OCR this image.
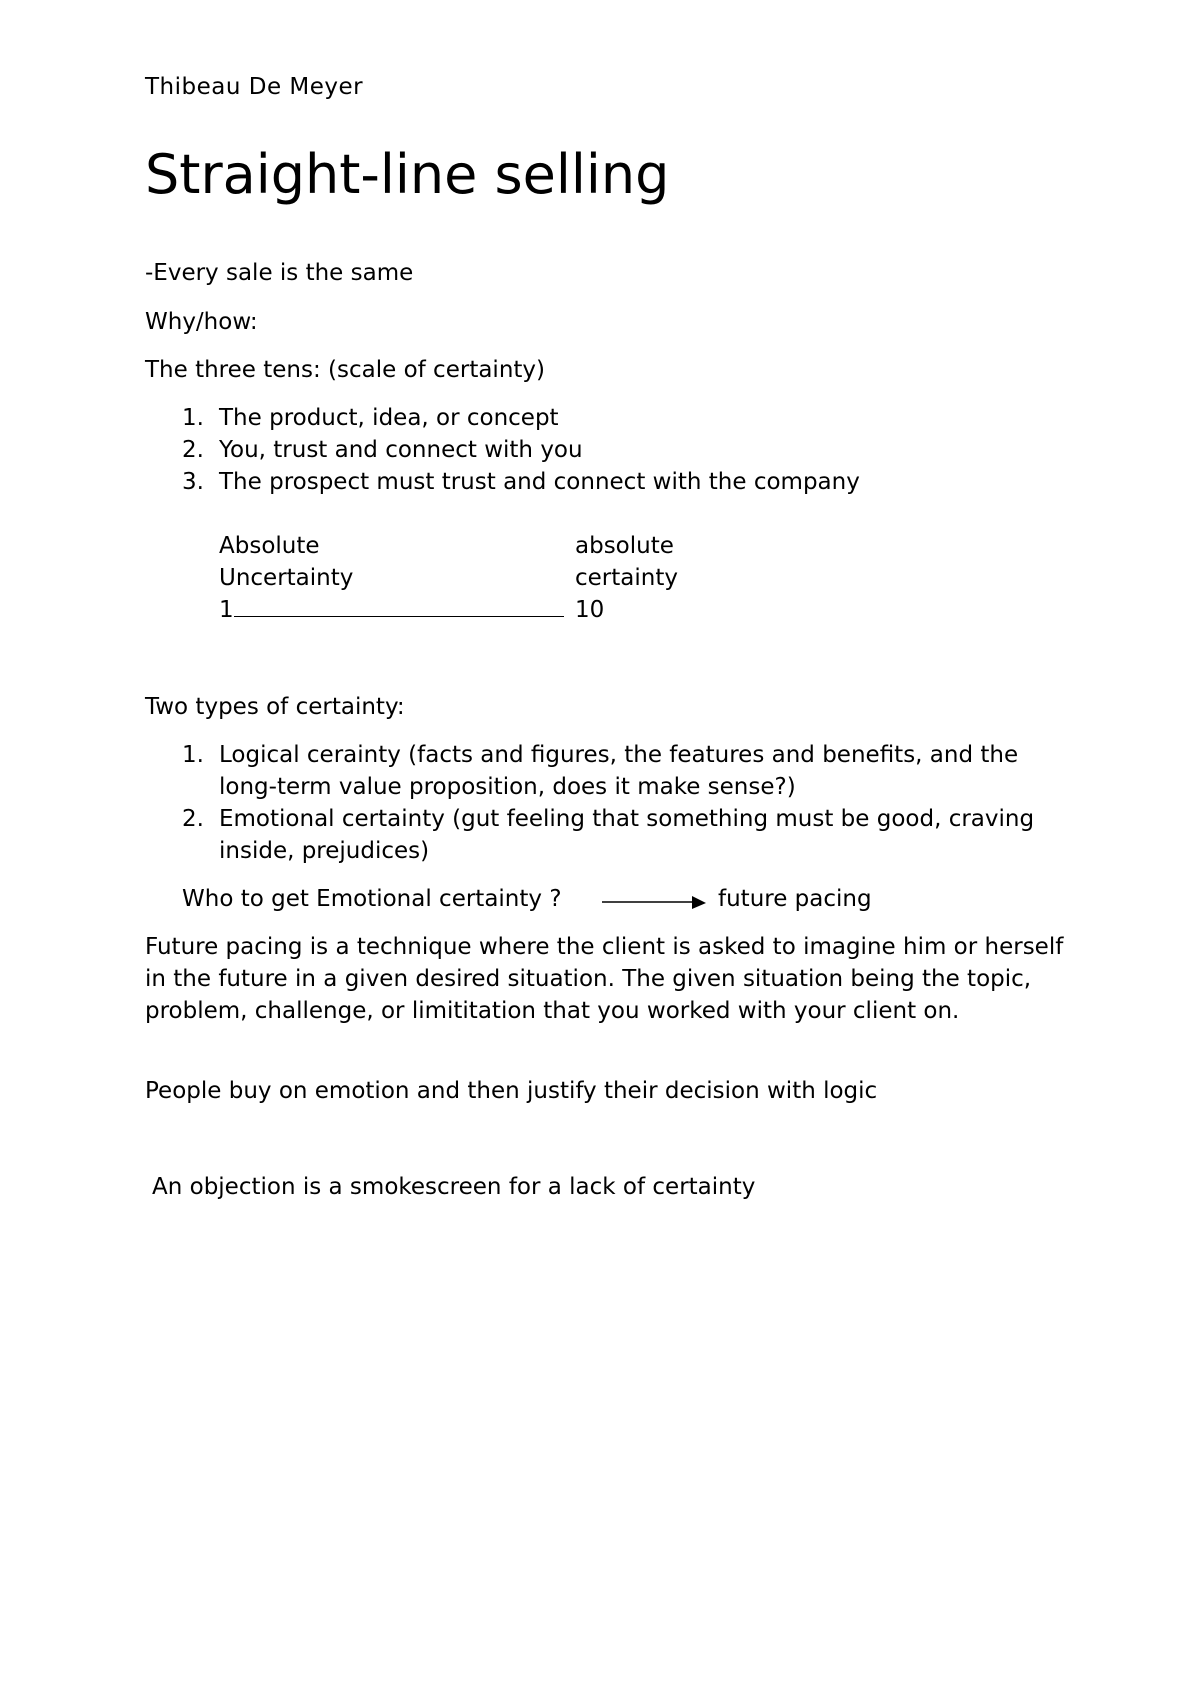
Thibeau De Meyer
Straight-line selling
-Every sale is the same
Why/how:
The three tens: (scale of certainty)
1. The product, idea, or concept
2. You, trust and connect with you
3. The prospect must trust and connect with the company
Absolute
Uncertainty
1
absolute
certainty
10
Two types of certainty:
1. Logical cerainty (facts and figures, the features and benefits, and the long-term value proposition, does it make sense?)
2. Emotional certainty (gut feeling that something must be good, craving inside, prejudices)
Who to get Emotional certainty ?	future pacing
Future pacing is a technique where the client is asked to imagine him or herself in the future in a given desired situation. The given situation being the topic, problem, challenge, or limititation that you worked with your client on.
People buy on emotion and then justify their decision with logic
An objection is a smokescreen for a lack of certainty
